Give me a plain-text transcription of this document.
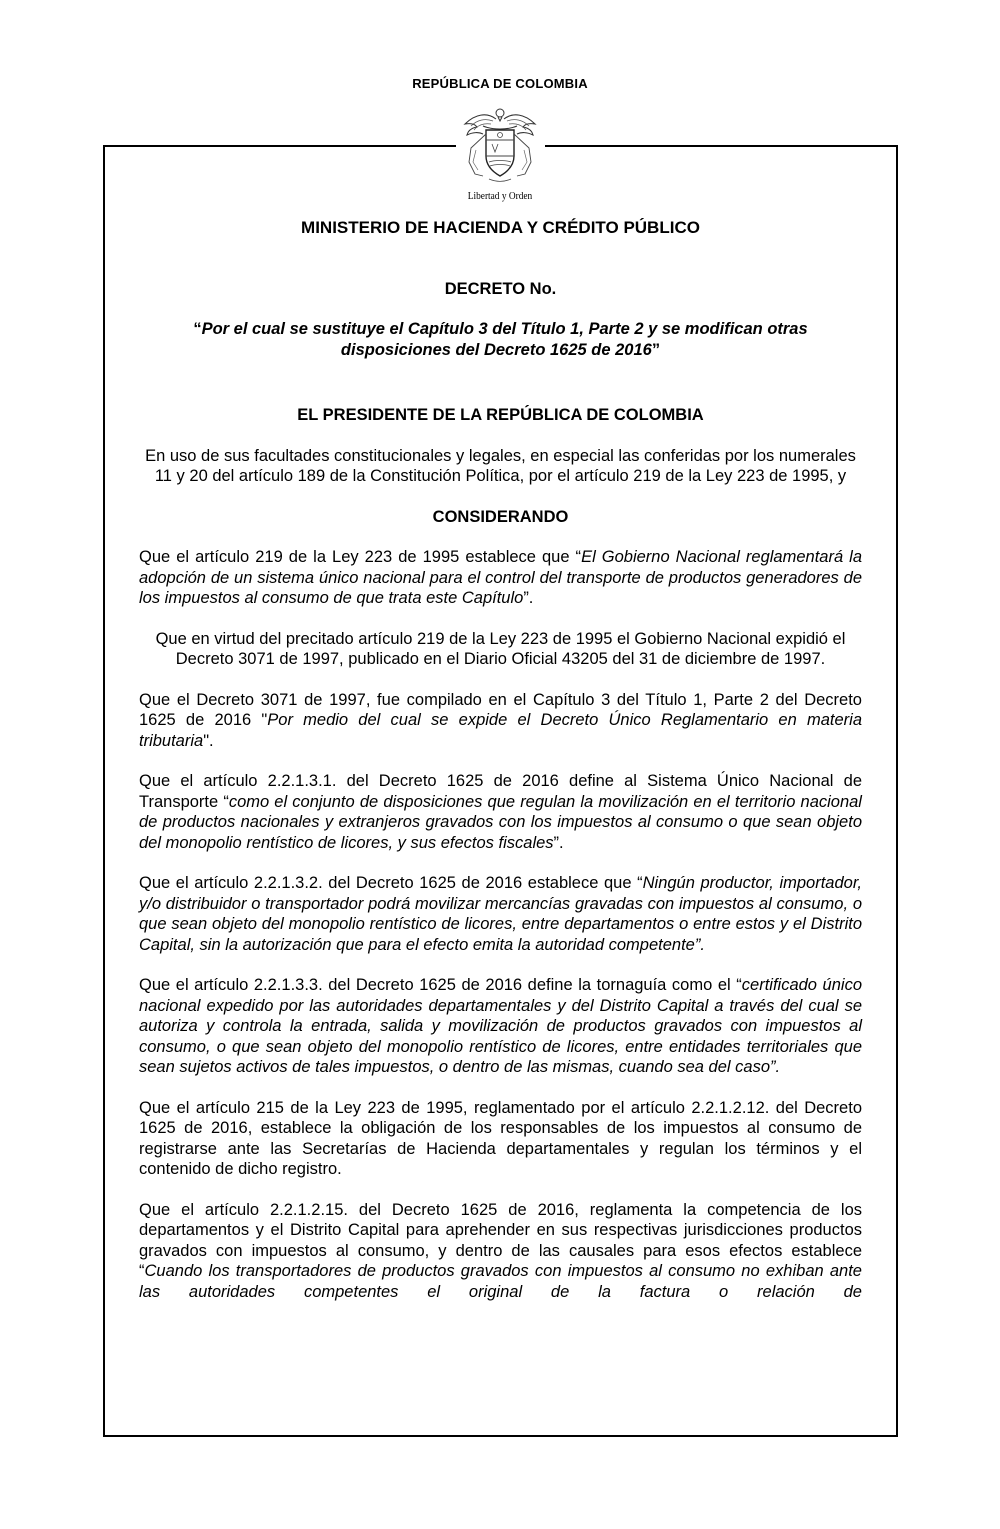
REPÚBLICA DE COLOMBIA
Libertad y Orden

MINISTERIO DE HACIENDA Y CRÉDITO PÚBLICO

DECRETO No.

“Por el cual se sustituye el Capítulo 3 del Título 1, Parte 2 y se modifican otras disposiciones del Decreto 1625 de 2016”

EL PRESIDENTE DE LA REPÚBLICA DE COLOMBIA

En uso de sus facultades constitucionales y legales, en especial las conferidas por los numerales 11 y 20 del artículo 189 de la Constitución Política, por el artículo 219 de la Ley 223 de 1995, y

CONSIDERANDO

Que el artículo 219 de la Ley 223 de 1995 establece que “El Gobierno Nacional reglamentará la adopción de un sistema único nacional para el control del transporte de productos generadores de los impuestos al consumo de que trata este Capítulo”.

Que en virtud del precitado artículo 219 de la Ley 223 de 1995 el Gobierno Nacional expidió el Decreto 3071 de 1997, publicado en el Diario Oficial 43205 del 31 de diciembre de 1997.

Que el Decreto 3071 de 1997, fue compilado en el Capítulo 3 del Título 1, Parte 2 del Decreto 1625 de 2016 "Por medio del cual se expide el Decreto Único Reglamentario en materia tributaria".

Que el artículo 2.2.1.3.1. del Decreto 1625 de 2016 define al Sistema Único Nacional de Transporte “como el conjunto de disposiciones que regulan la movilización en el territorio nacional de productos nacionales y extranjeros gravados con los impuestos al consumo o que sean objeto del monopolio rentístico de licores, y sus efectos fiscales”.

Que el artículo 2.2.1.3.2. del Decreto 1625 de 2016 establece que “Ningún productor, importador, y/o distribuidor o transportador podrá movilizar mercancías gravadas con impuestos al consumo, o que sean objeto del monopolio rentístico de licores, entre departamentos o entre estos y el Distrito Capital, sin la autorización que para el efecto emita la autoridad competente”.

Que el artículo 2.2.1.3.3. del Decreto 1625 de 2016 define la tornaguía como el “certificado único nacional expedido por las autoridades departamentales y del Distrito Capital a través del cual se autoriza y controla la entrada, salida y movilización de productos gravados con impuestos al consumo, o que sean objeto del monopolio rentístico de licores, entre entidades territoriales que sean sujetos activos de tales impuestos, o dentro de las mismas, cuando sea del caso”.

Que el artículo 215 de la Ley 223 de 1995, reglamentado por el artículo 2.2.1.2.12. del Decreto 1625 de 2016, establece la obligación de los responsables de los impuestos al consumo de registrarse ante las Secretarías de Hacienda departamentales y regulan los términos y el contenido de dicho registro.

Que el artículo 2.2.1.2.15. del Decreto 1625 de 2016, reglamenta la competencia de los departamentos y el Distrito Capital para aprehender en sus respectivas jurisdicciones productos gravados con impuestos al consumo, y dentro de las causales para esos efectos establece “Cuando los transportadores de productos gravados con impuestos al consumo no exhiban ante las autoridades competentes el original de la factura o relación de
